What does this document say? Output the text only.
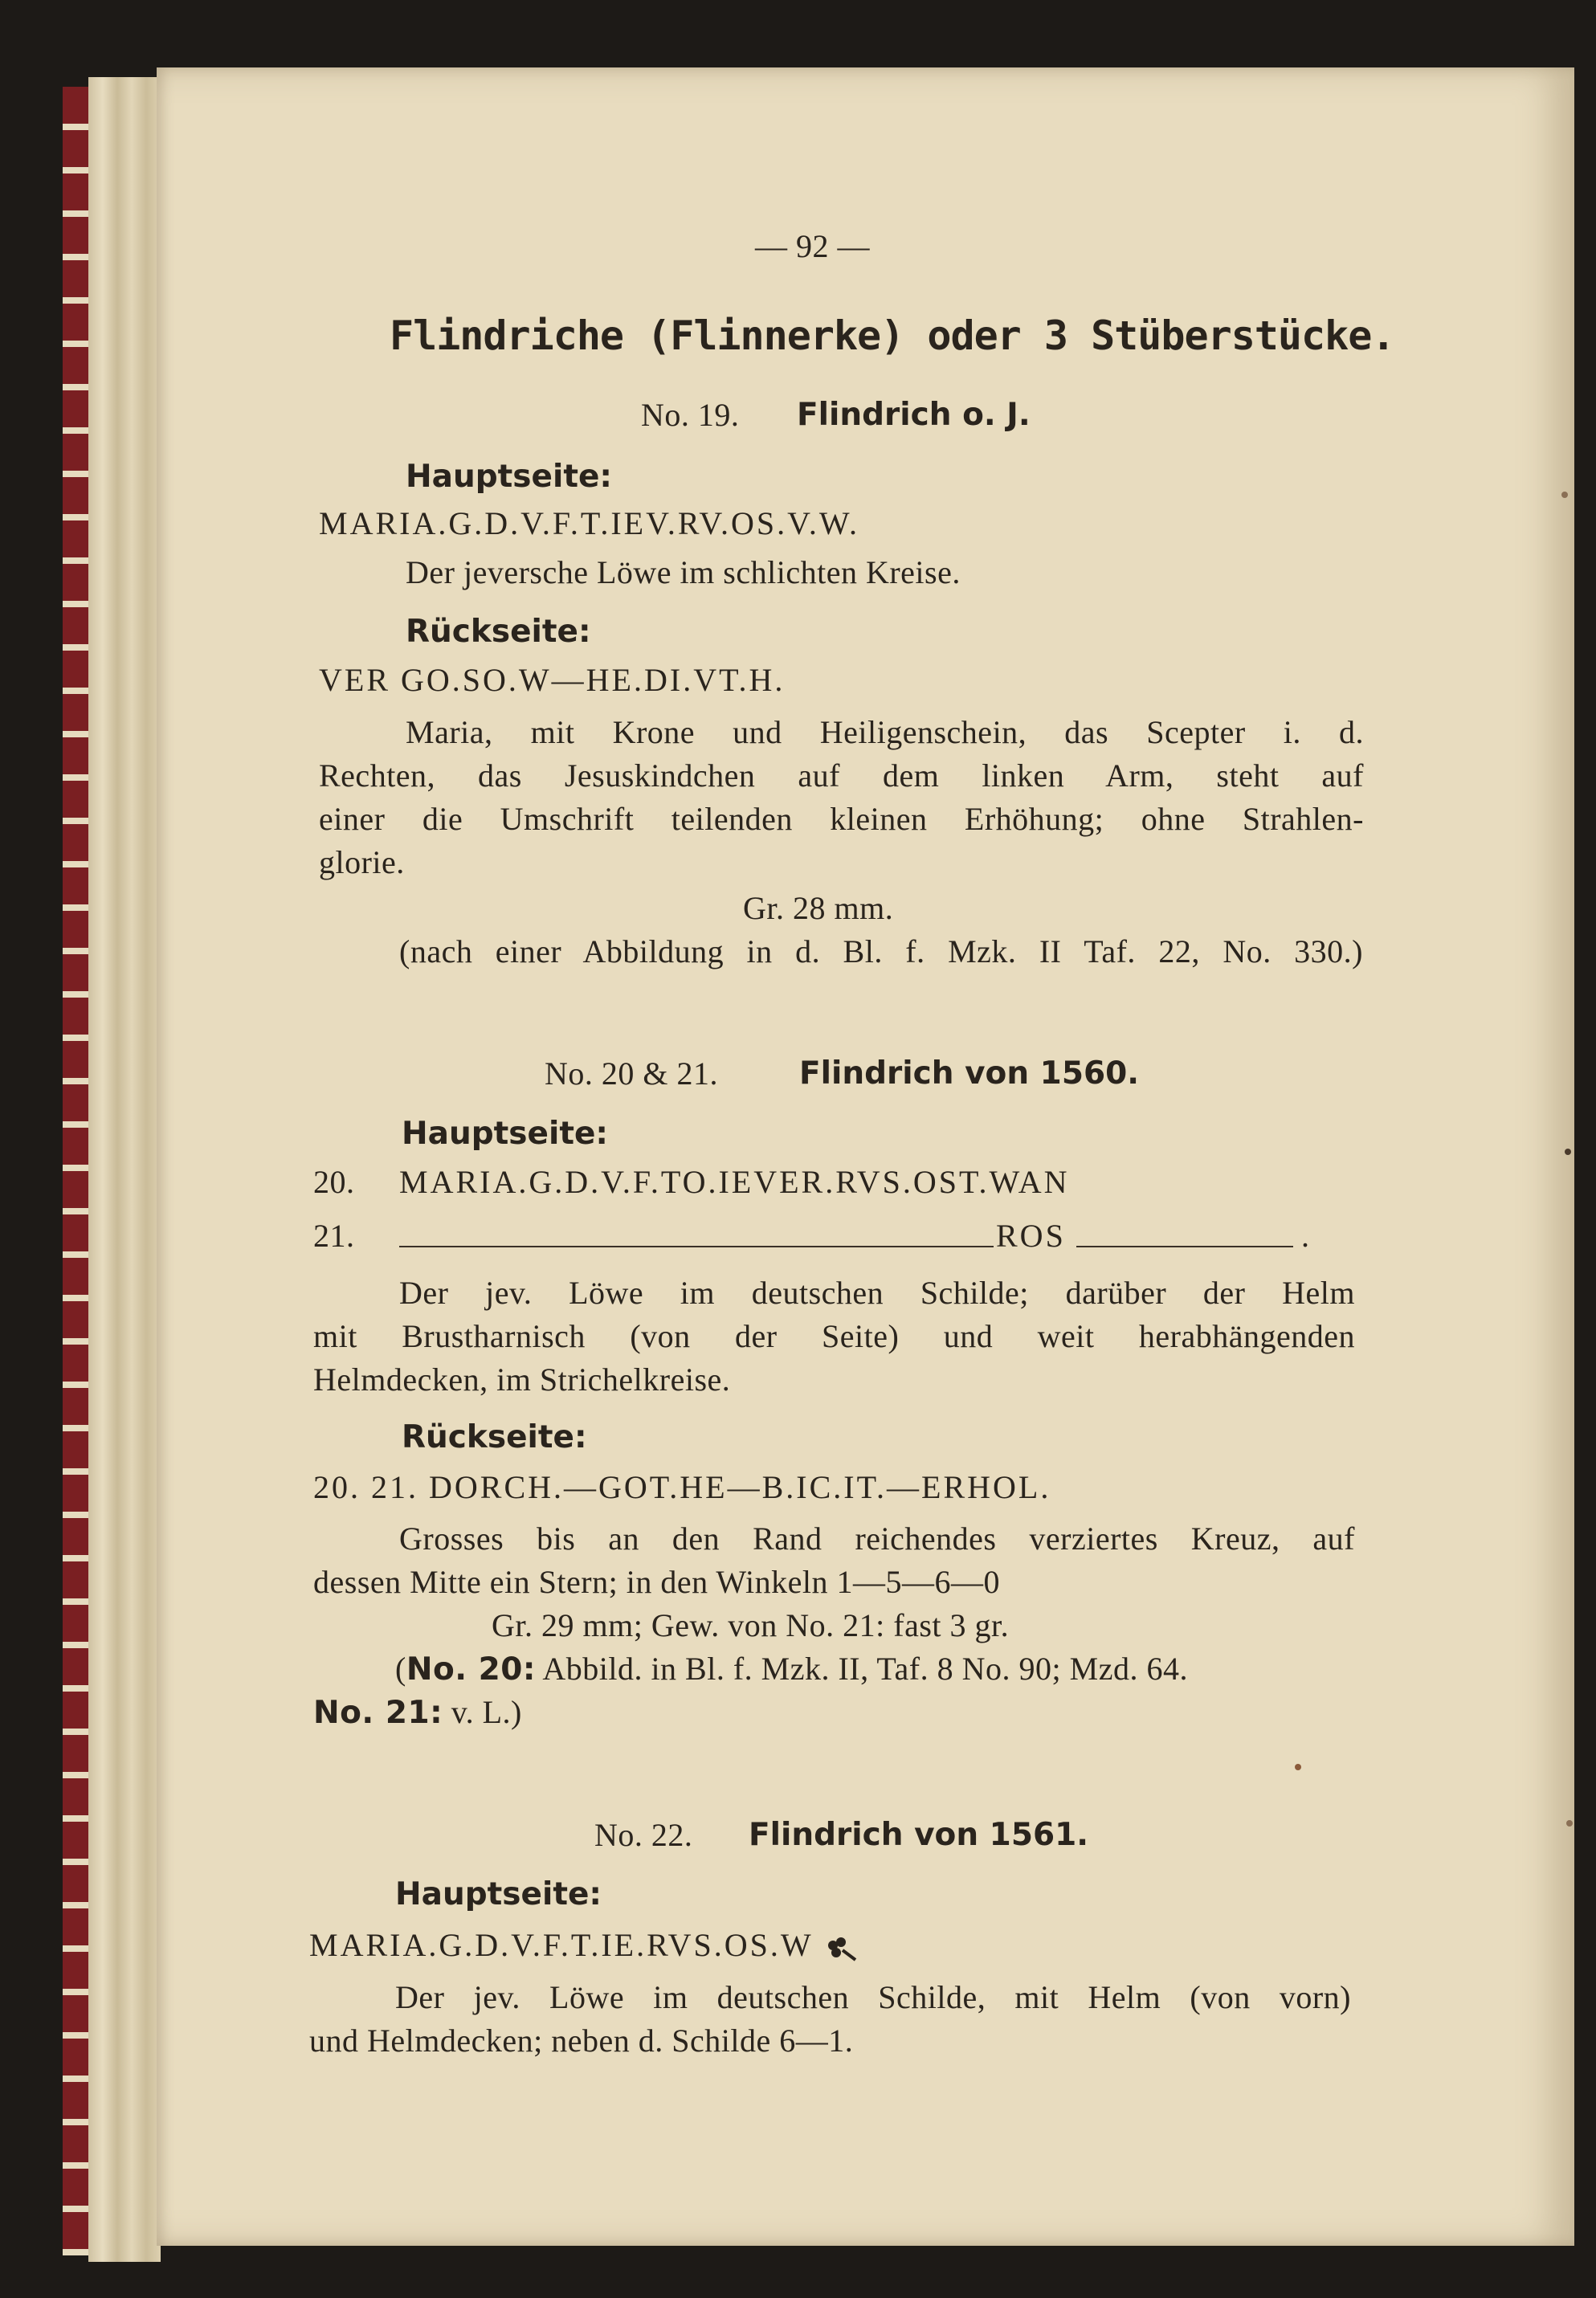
— 92 —
Flindriche (Flinnerke) oder 3 Stüberstücke.
No. 19. Flindrich o. J.
Hauptseite:
MARIA.G.D.V.F.T.IEV.RV.OS.V.W.
Der jeversche Löwe im schlichten Kreise.
Rückseite:
VER GO.SO.W—HE.DI.VT.H.
Maria, mit Krone und Heiligenschein, das Scepter i. d.
Rechten, das Jesuskindchen auf dem linken Arm, steht auf
einer die Umschrift teilenden kleinen Erhöhung; ohne Strahlen-
glorie.
Gr. 28 mm.
(nach einer Abbildung in d. Bl. f. Mzk. II Taf. 22, No. 330.)
No. 20 & 21.	Flindrich von 1560.
Hauptseite:
20. MARIA.G.D.V.F.TO.IEVER.RVS.OST.WAN
21.	ROS	.
Der jev. Löwe im deutschen Schilde; darüber der Helm
mit Brustharnisch (von der Seite) und weit herabhängenden
Helmdecken, im Strichelkreise.
Rückseite:
20. 21. DORCH.—GOT.HE—B.IC.IT.—ERHOL.
Grosses bis an den Rand reichendes verziertes Kreuz, auf
dessen Mitte ein Stern; in den Winkeln 1—5—6—0
Gr. 29 mm; Gew. von No. 21: fast 3 gr.
(No. 20: Abbild. in Bl. f. Mzk. II, Taf. 8 No. 90; Mzd. 64.
No. 21: v. L.)
No. 22. Flindrich von 1561.
Hauptseite:
MARIA.G.D.V.F.T.IE.RVS.OS.W
Der jev. Löwe im deutschen Schilde, mit Helm (von vorn)
und Helmdecken; neben d. Schilde 6—1.
